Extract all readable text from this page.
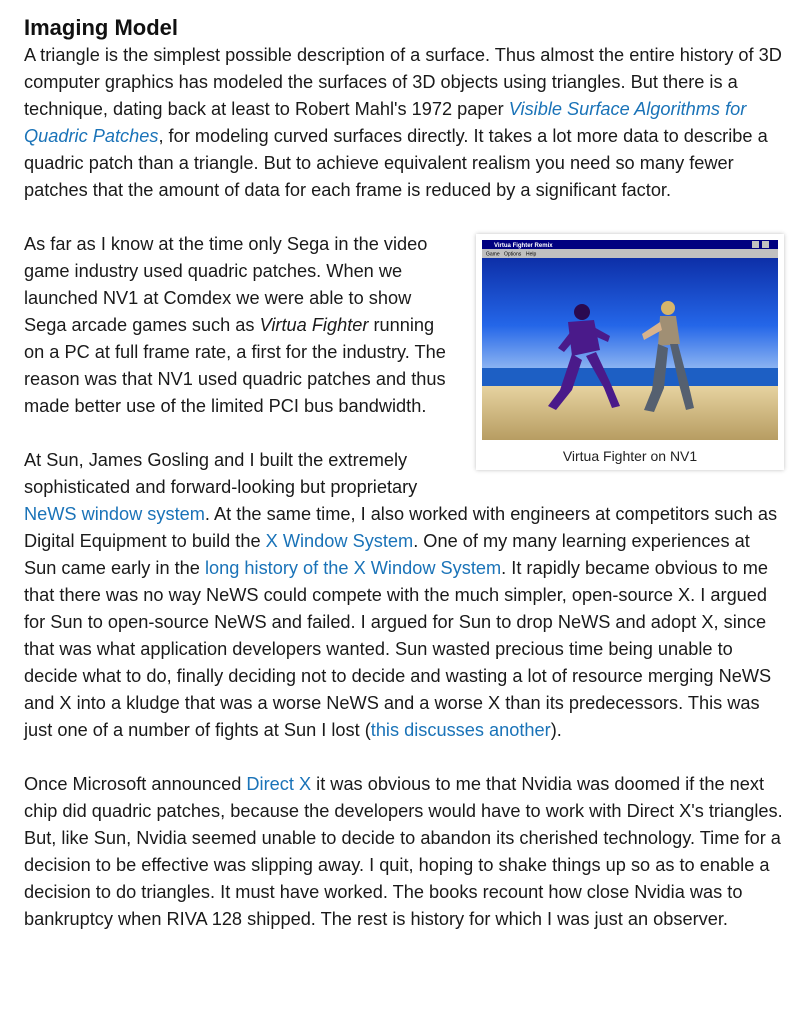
Imaging Model

A triangle is the simplest possible description of a surface. Thus almost the entire history of 3D computer graphics has modeled the surfaces of 3D objects using triangles. But there is a technique, dating back at least to Robert Mahl's 1972 paper Visible Surface Algorithms for Quadric Patches, for modeling curved surfaces directly. It takes a lot more data to describe a quadric patch than a triangle. But to achieve equivalent realism you need so many fewer patches that the amount of data for each frame is reduced by a significant factor.

Virtua Fighter Remix
Game Options Help
Virtua Fighter on NV1
As far as I know at the time only Sega in the video game industry used quadric patches. When we launched NV1 at Comdex we were able to show Sega arcade games such as Virtua Fighter running on a PC at full frame rate, a first for the industry. The reason was that NV1 used quadric patches and thus made better use of the limited PCI bus bandwidth.

At Sun, James Gosling and I built the extremely sophisticated and forward-looking but proprietary NeWS window system. At the same time, I also worked with engineers at competitors such as Digital Equipment to build the X Window System. One of my many learning experiences at Sun came early in the long history of the X Window System. It rapidly became obvious to me that there was no way NeWS could compete with the much simpler, open-source X. I argued for Sun to open-source NeWS and failed. I argued for Sun to drop NeWS and adopt X, since that was what application developers wanted. Sun wasted precious time being unable to decide what to do, finally deciding not to decide and wasting a lot of resource merging NeWS and X into a kludge that was a worse NeWS and a worse X than its predecessors. This was just one of a number of fights at Sun I lost (this discusses another).

Once Microsoft announced Direct X it was obvious to me that Nvidia was doomed if the next chip did quadric patches, because the developers would have to work with Direct X's triangles. But, like Sun, Nvidia seemed unable to decide to abandon its cherished technology. Time for a decision to be effective was slipping away. I quit, hoping to shake things up so as to enable a decision to do triangles. It must have worked. The books recount how close Nvidia was to bankruptcy when RIVA 128 shipped. The rest is history for which I was just an observer.
